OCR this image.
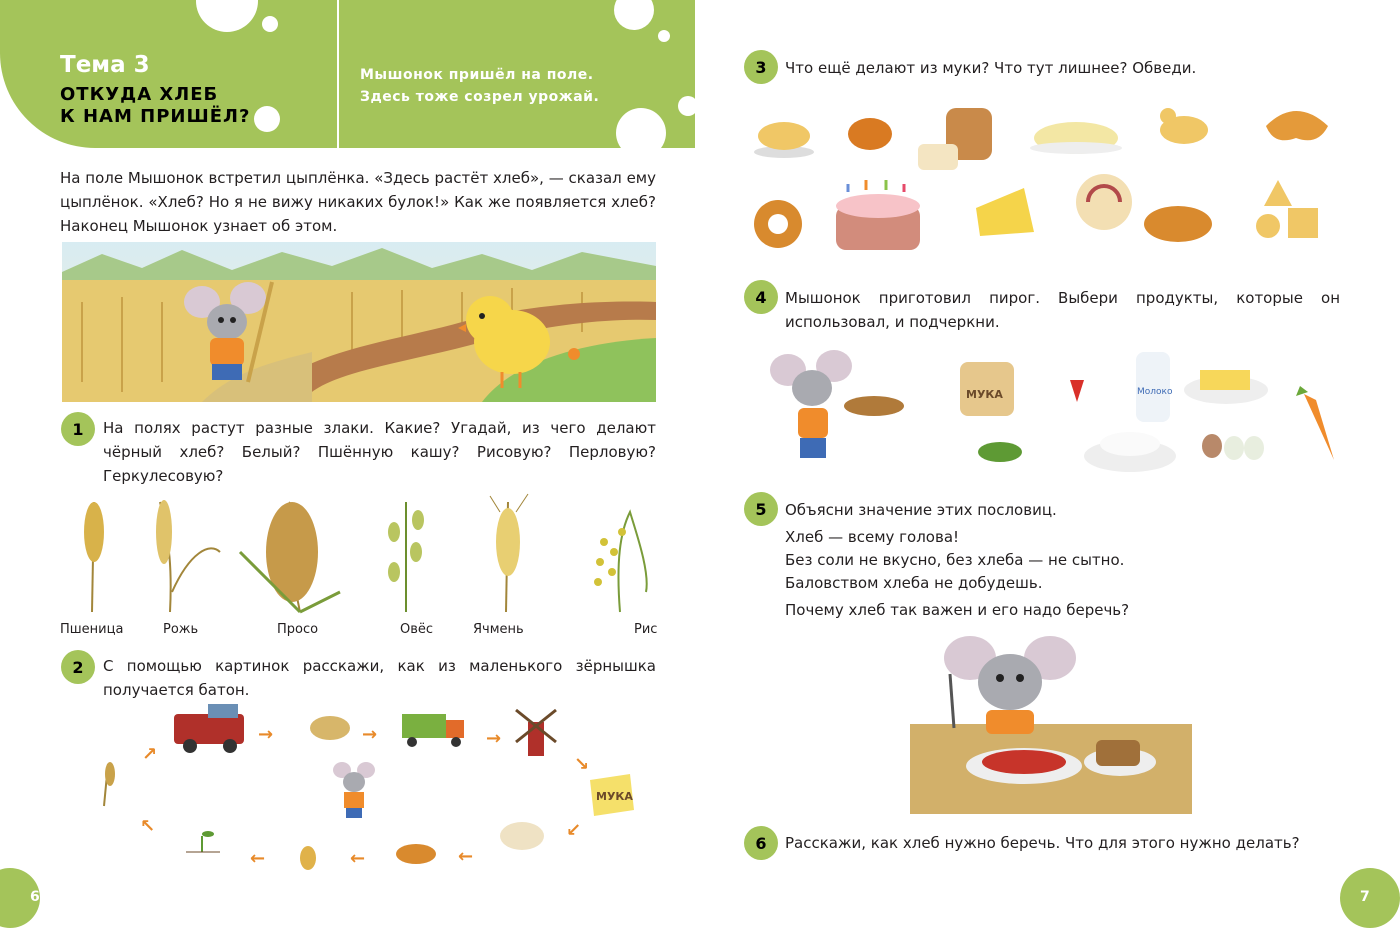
Тема 3
ОТКУДА ХЛЕБ
К НАМ ПРИШЁЛ?
Мышонок пришёл на поле.
Здесь тоже созрел урожай.
На поле Мышонок встретил цыплёнка. «Здесь растёт хлеб», — сказал ему цыплёнок. «Хлеб? Но я не вижу никаких булок!» Как же появляется хлеб? Наконец Мышонок узнает об этом.
1	На полях растут разные злаки. Какие? Угадай, из чего делают чёрный хлеб? Белый? Пшённую кашу? Рисовую? Перловую? Геркулесовую?
Пшеница	Рожь	Просо	Овёс	Ячмень	Рис
2	С помощью картинок расскажи, как из маленького зёрнышка получается батон.
МУКА
→	→	→
↘
↙
←
←
←
↖
↗
6
3	Что ещё делают из муки? Что тут лишнее? Обведи.
4	Мышонок приготовил пирог. Выбери продукты, которые он использовал, и подчеркни.
МУКА	Молоко
5	Объясни значение этих пословиц.
Хлеб — всему голова!
Без соли не вкусно, без хлеба — не сытно.
Баловством хлеба не добудешь.
Почему хлеб так важен и его надо беречь?
6	Расскажи, как хлеб нужно беречь. Что для этого нужно делать?
7
